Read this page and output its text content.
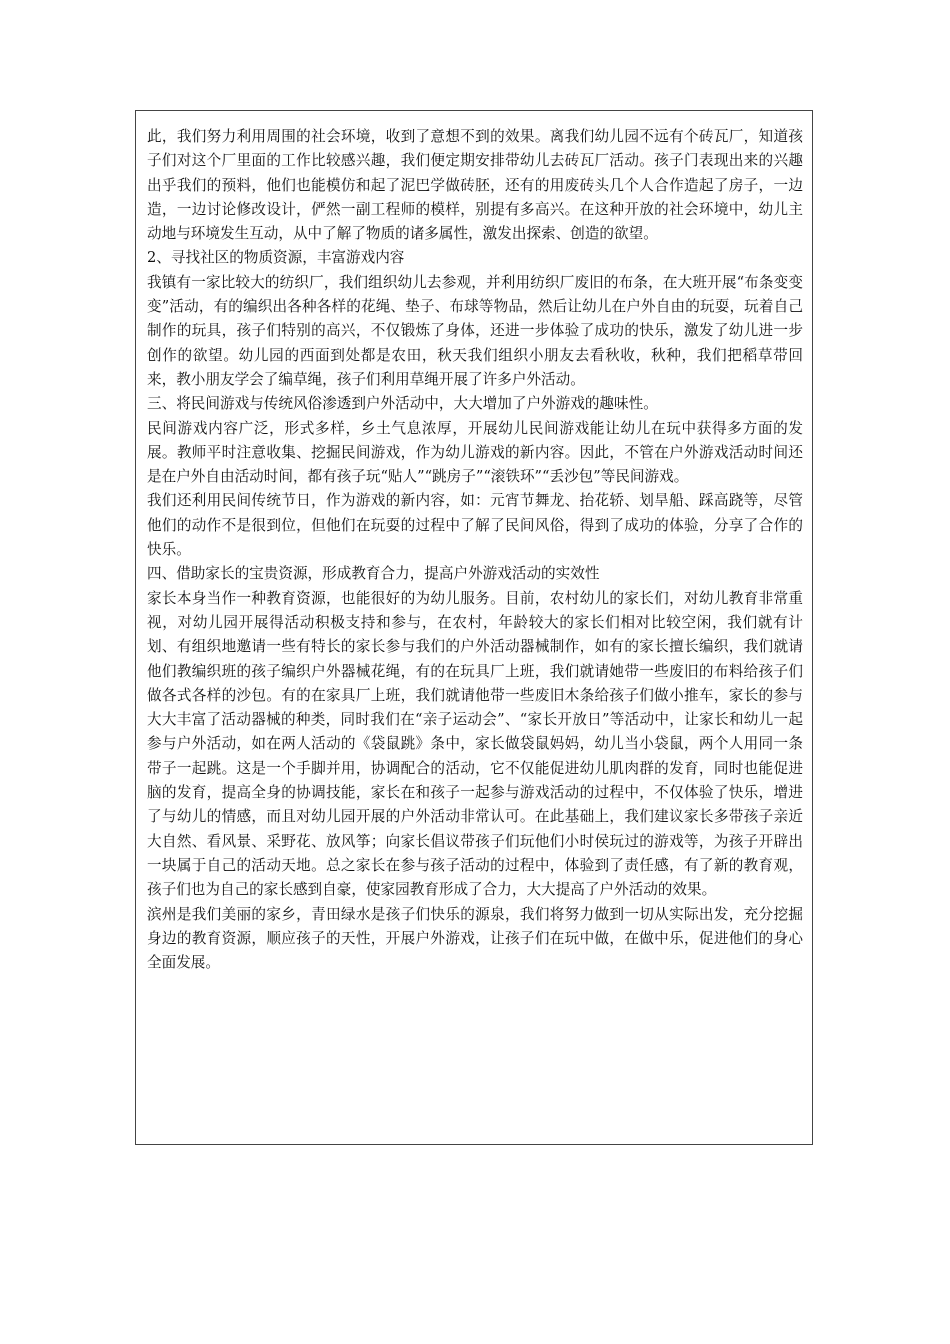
此，我们努力利用周围的社会环境，收到了意想不到的效果。离我们幼儿园不远有个砖瓦厂，知道孩子们对这个厂里面的工作比较感兴趣，我们便定期安排带幼儿去砖瓦厂活动。孩子门表现出来的兴趣出乎我们的预料，他们也能模仿和起了泥巴学做砖胚，还有的用废砖头几个人合作造起了房子，一边造，一边讨论修改设计，俨然一副工程师的模样，别提有多高兴。在这种开放的社会环境中，幼儿主动地与环境发生互动，从中了解了物质的诸多属性，激发出探索、创造的欲望。

2、寻找社区的物质资源，丰富游戏内容

我镇有一家比较大的纺织厂，我们组织幼儿去参观，并利用纺织厂废旧的布条，在大班开展“布条变变变”活动，有的编织出各种各样的花绳、垫子、布球等物品，然后让幼儿在户外自由的玩耍，玩着自己制作的玩具，孩子们特别的高兴，不仅锻炼了身体，还进一步体验了成功的快乐，激发了幼儿进一步创作的欲望。幼儿园的西面到处都是农田，秋天我们组织小朋友去看秋收，秋种，我们把稻草带回来，教小朋友学会了编草绳，孩子们利用草绳开展了许多户外活动。

三、将民间游戏与传统风俗渗透到户外活动中，大大增加了户外游戏的趣味性。

民间游戏内容广泛，形式多样，乡土气息浓厚，开展幼儿民间游戏能让幼儿在玩中获得多方面的发展。教师平时注意收集、挖掘民间游戏，作为幼儿游戏的新内容。因此，不管在户外游戏活动时间还是在户外自由活动时间，都有孩子玩“贴人”“跳房子”“滚铁环”“丢沙包”等民间游戏。

我们还利用民间传统节日，作为游戏的新内容，如：元宵节舞龙、抬花轿、划旱船、踩高跷等，尽管他们的动作不是很到位，但他们在玩耍的过程中了解了民间风俗，得到了成功的体验，分享了合作的快乐。

四、借助家长的宝贵资源，形成教育合力，提高户外游戏活动的实效性

家长本身当作一种教育资源，也能很好的为幼儿服务。目前，农村幼儿的家长们，对幼儿教育非常重视，对幼儿园开展得活动积极支持和参与，在农村，年龄较大的家长们相对比较空闲，我们就有计划、有组织地邀请一些有特长的家长参与我们的户外活动器械制作，如有的家长擅长编织，我们就请他们教编织班的孩子编织户外器械花绳，有的在玩具厂上班，我们就请她带一些废旧的布料给孩子们做各式各样的沙包。有的在家具厂上班，我们就请他带一些废旧木条给孩子们做小推车，家长的参与大大丰富了活动器械的种类，同时我们在“亲子运动会”、“家长开放日”等活动中，让家长和幼儿一起参与户外活动，如在两人活动的《袋鼠跳》条中，家长做袋鼠妈妈，幼儿当小袋鼠，两个人用同一条带子一起跳。这是一个手脚并用，协调配合的活动，它不仅能促进幼儿肌肉群的发育，同时也能促进脑的发育，提高全身的协调技能，家长在和孩子一起参与游戏活动的过程中，不仅体验了快乐，增进了与幼儿的情感，而且对幼儿园开展的户外活动非常认可。在此基础上，我们建议家长多带孩子亲近大自然、看风景、采野花、放风筝；向家长倡议带孩子们玩他们小时侯玩过的游戏等，为孩子开辟出一块属于自己的活动天地。总之家长在参与孩子活动的过程中，体验到了责任感，有了新的教育观，孩子们也为自己的家长感到自豪，使家园教育形成了合力，大大提高了户外活动的效果。

滨州是我们美丽的家乡，青田绿水是孩子们快乐的源泉，我们将努力做到一切从实际出发，充分挖掘身边的教育资源，顺应孩子的天性，开展户外游戏，让孩子们在玩中做，在做中乐，促进他们的身心全面发展。
